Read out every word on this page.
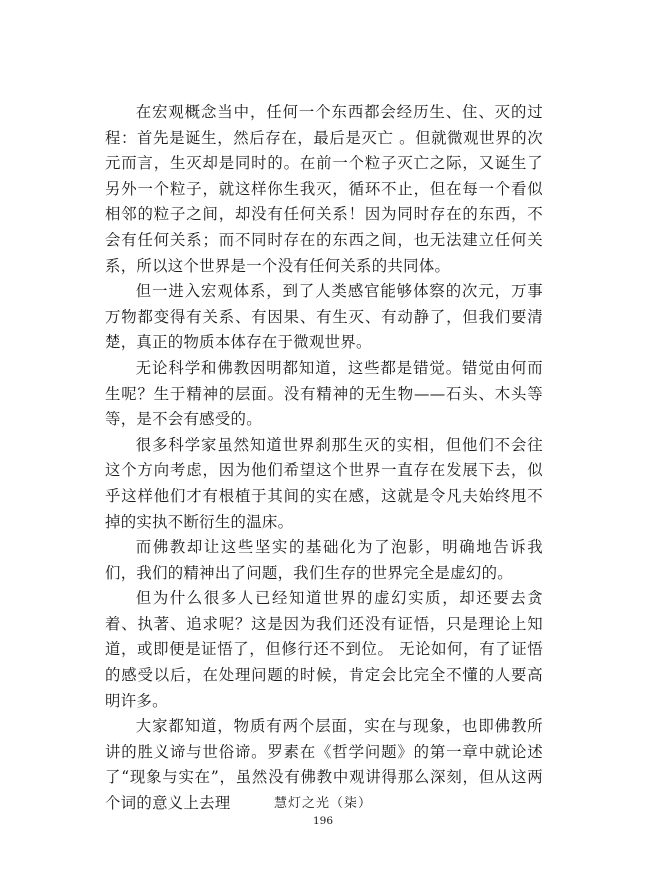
在宏观概念当中，任何一个东西都会经历生、住、灭的过程：首先是诞生，然后存在，最后是灭亡 。但就微观世界的次元而言，生灭却是同时的。在前一个粒子灭亡之际，又诞生了另外一个粒子，就这样你生我灭，循环不止，但在每一个看似相邻的粒子之间，却没有任何关系！因为同时存在的东西，不会有任何关系；而不同时存在的东西之间，也无法建立任何关系，所以这个世界是一个没有任何关系的共同体。

但一进入宏观体系，到了人类感官能够体察的次元，万事万物都变得有关系、有因果、有生灭、有动静了，但我们要清楚，真正的物质本体存在于微观世界。

无论科学和佛教因明都知道，这些都是错觉。错觉由何而生呢？生于精神的层面。没有精神的无生物——石头、木头等等，是不会有感受的。

很多科学家虽然知道世界刹那生灭的实相，但他们不会往这个方向考虑，因为他们希望这个世界一直存在发展下去，似乎这样他们才有根植于其间的实在感，这就是令凡夫始终甩不掉的实执不断衍生的温床。

而佛教却让这些坚实的基础化为了泡影，明确地告诉我们，我们的精神出了问题，我们生存的世界完全是虚幻的。

但为什么很多人已经知道世界的虚幻实质，却还要去贪着、执著、追求呢？这是因为我们还没有证悟，只是理论上知道，或即便是证悟了，但修行还不到位。 无论如何，有了证悟的感受以后，在处理问题的时候，肯定会比完全不懂的人要高明许多。

大家都知道，物质有两个层面，实在与现象，也即佛教所讲的胜义谛与世俗谛。罗素在《哲学问题》的第一章中就论述了“现象与实在”，虽然没有佛教中观讲得那么深刻，但从这两个词的意义上去理	慧灯之光（柒）
196
